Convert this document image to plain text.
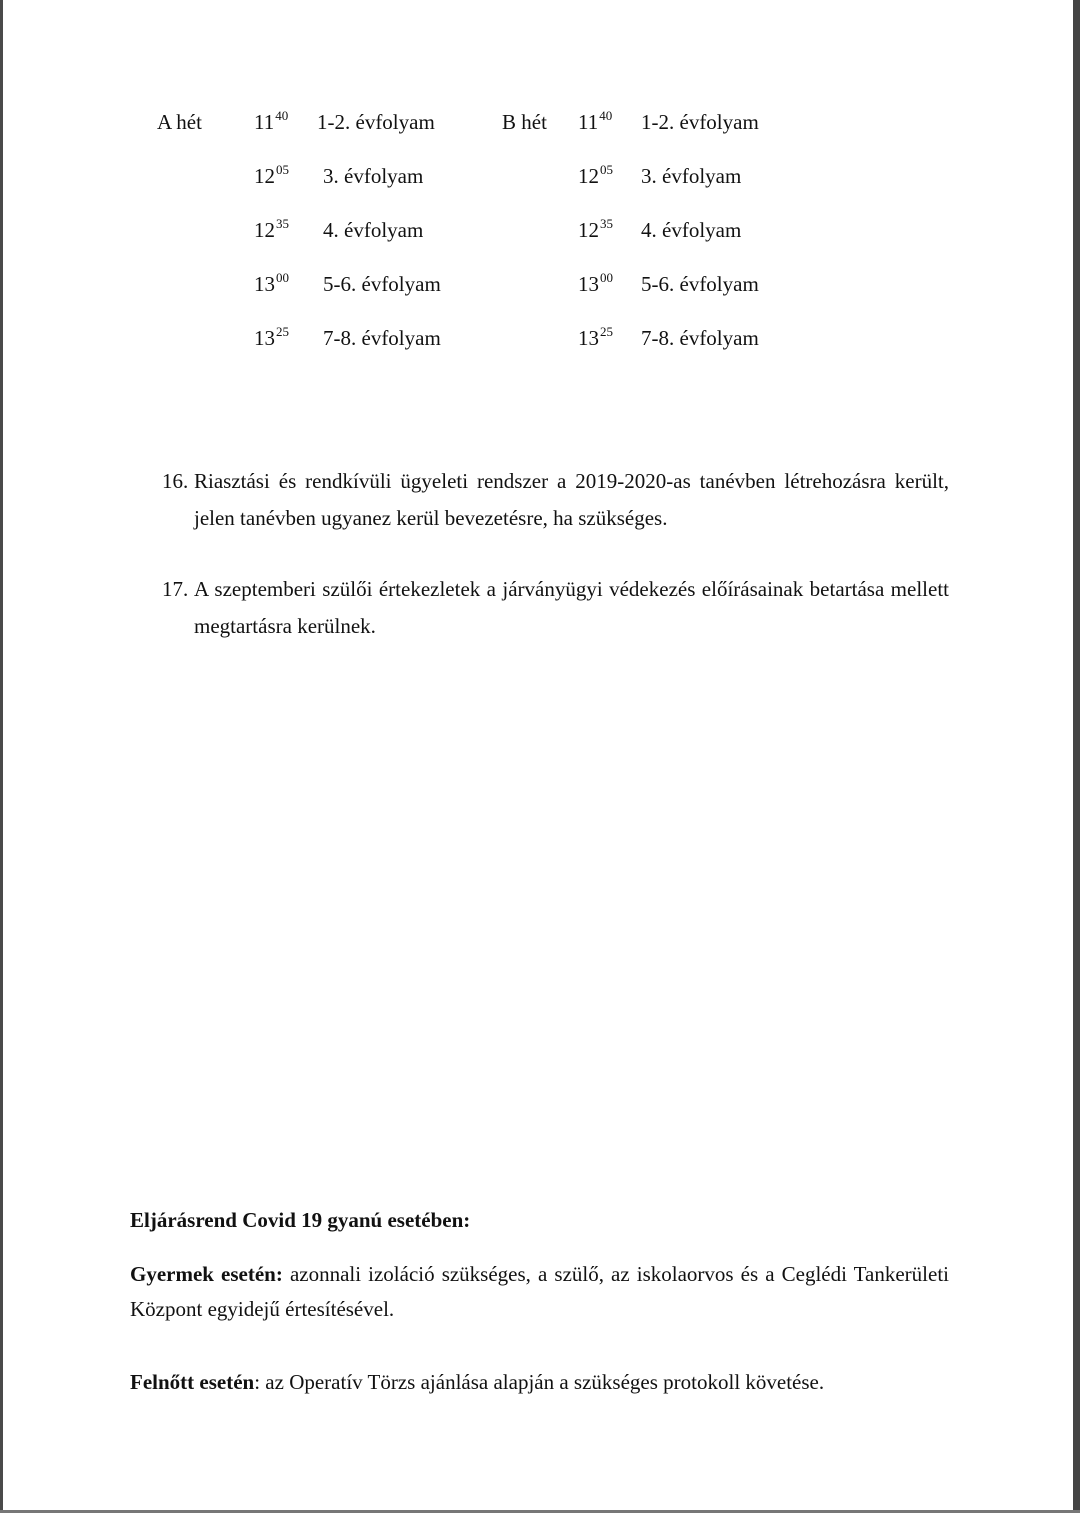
A hét $11^{40}$ 1-2. évfolyam
$12^{05}$ 3. évfolyam
$12^{35}$ 4. évfolyam
$13^{00}$ 5-6. évfolyam
$13^{25}$ 7-8. évfolyam
B hét $11^{40}$ 1-2. évfolyam
$12^{05}$ 3. évfolyam
$12^{35}$ 4. évfolyam
$13^{00}$ 5-6. évfolyam
$13^{25}$ 7-8. évfolyam
16. Riasztási és rendkívüli ügyeleti rendszer a 2019-2020-as tanévben létrehozásra került, jelen tanévben ugyanez kerül bevezetésre, ha szükséges.
17. A szeptemberi szülői értekezletek a járványügyi védekezés előírásainak betartása mellett megtartásra kerülnek.
Eljárásrend Covid 19 gyanú esetében:
Gyermek esetén: azonnali izoláció szükséges, a szülő, az iskolaorvos és a Ceglédi Tankerületi Központ egyidejű értesítésével.
Felnőtt esetén: az Operatív Törzs ajánlása alapján a szükséges protokoll követése.
